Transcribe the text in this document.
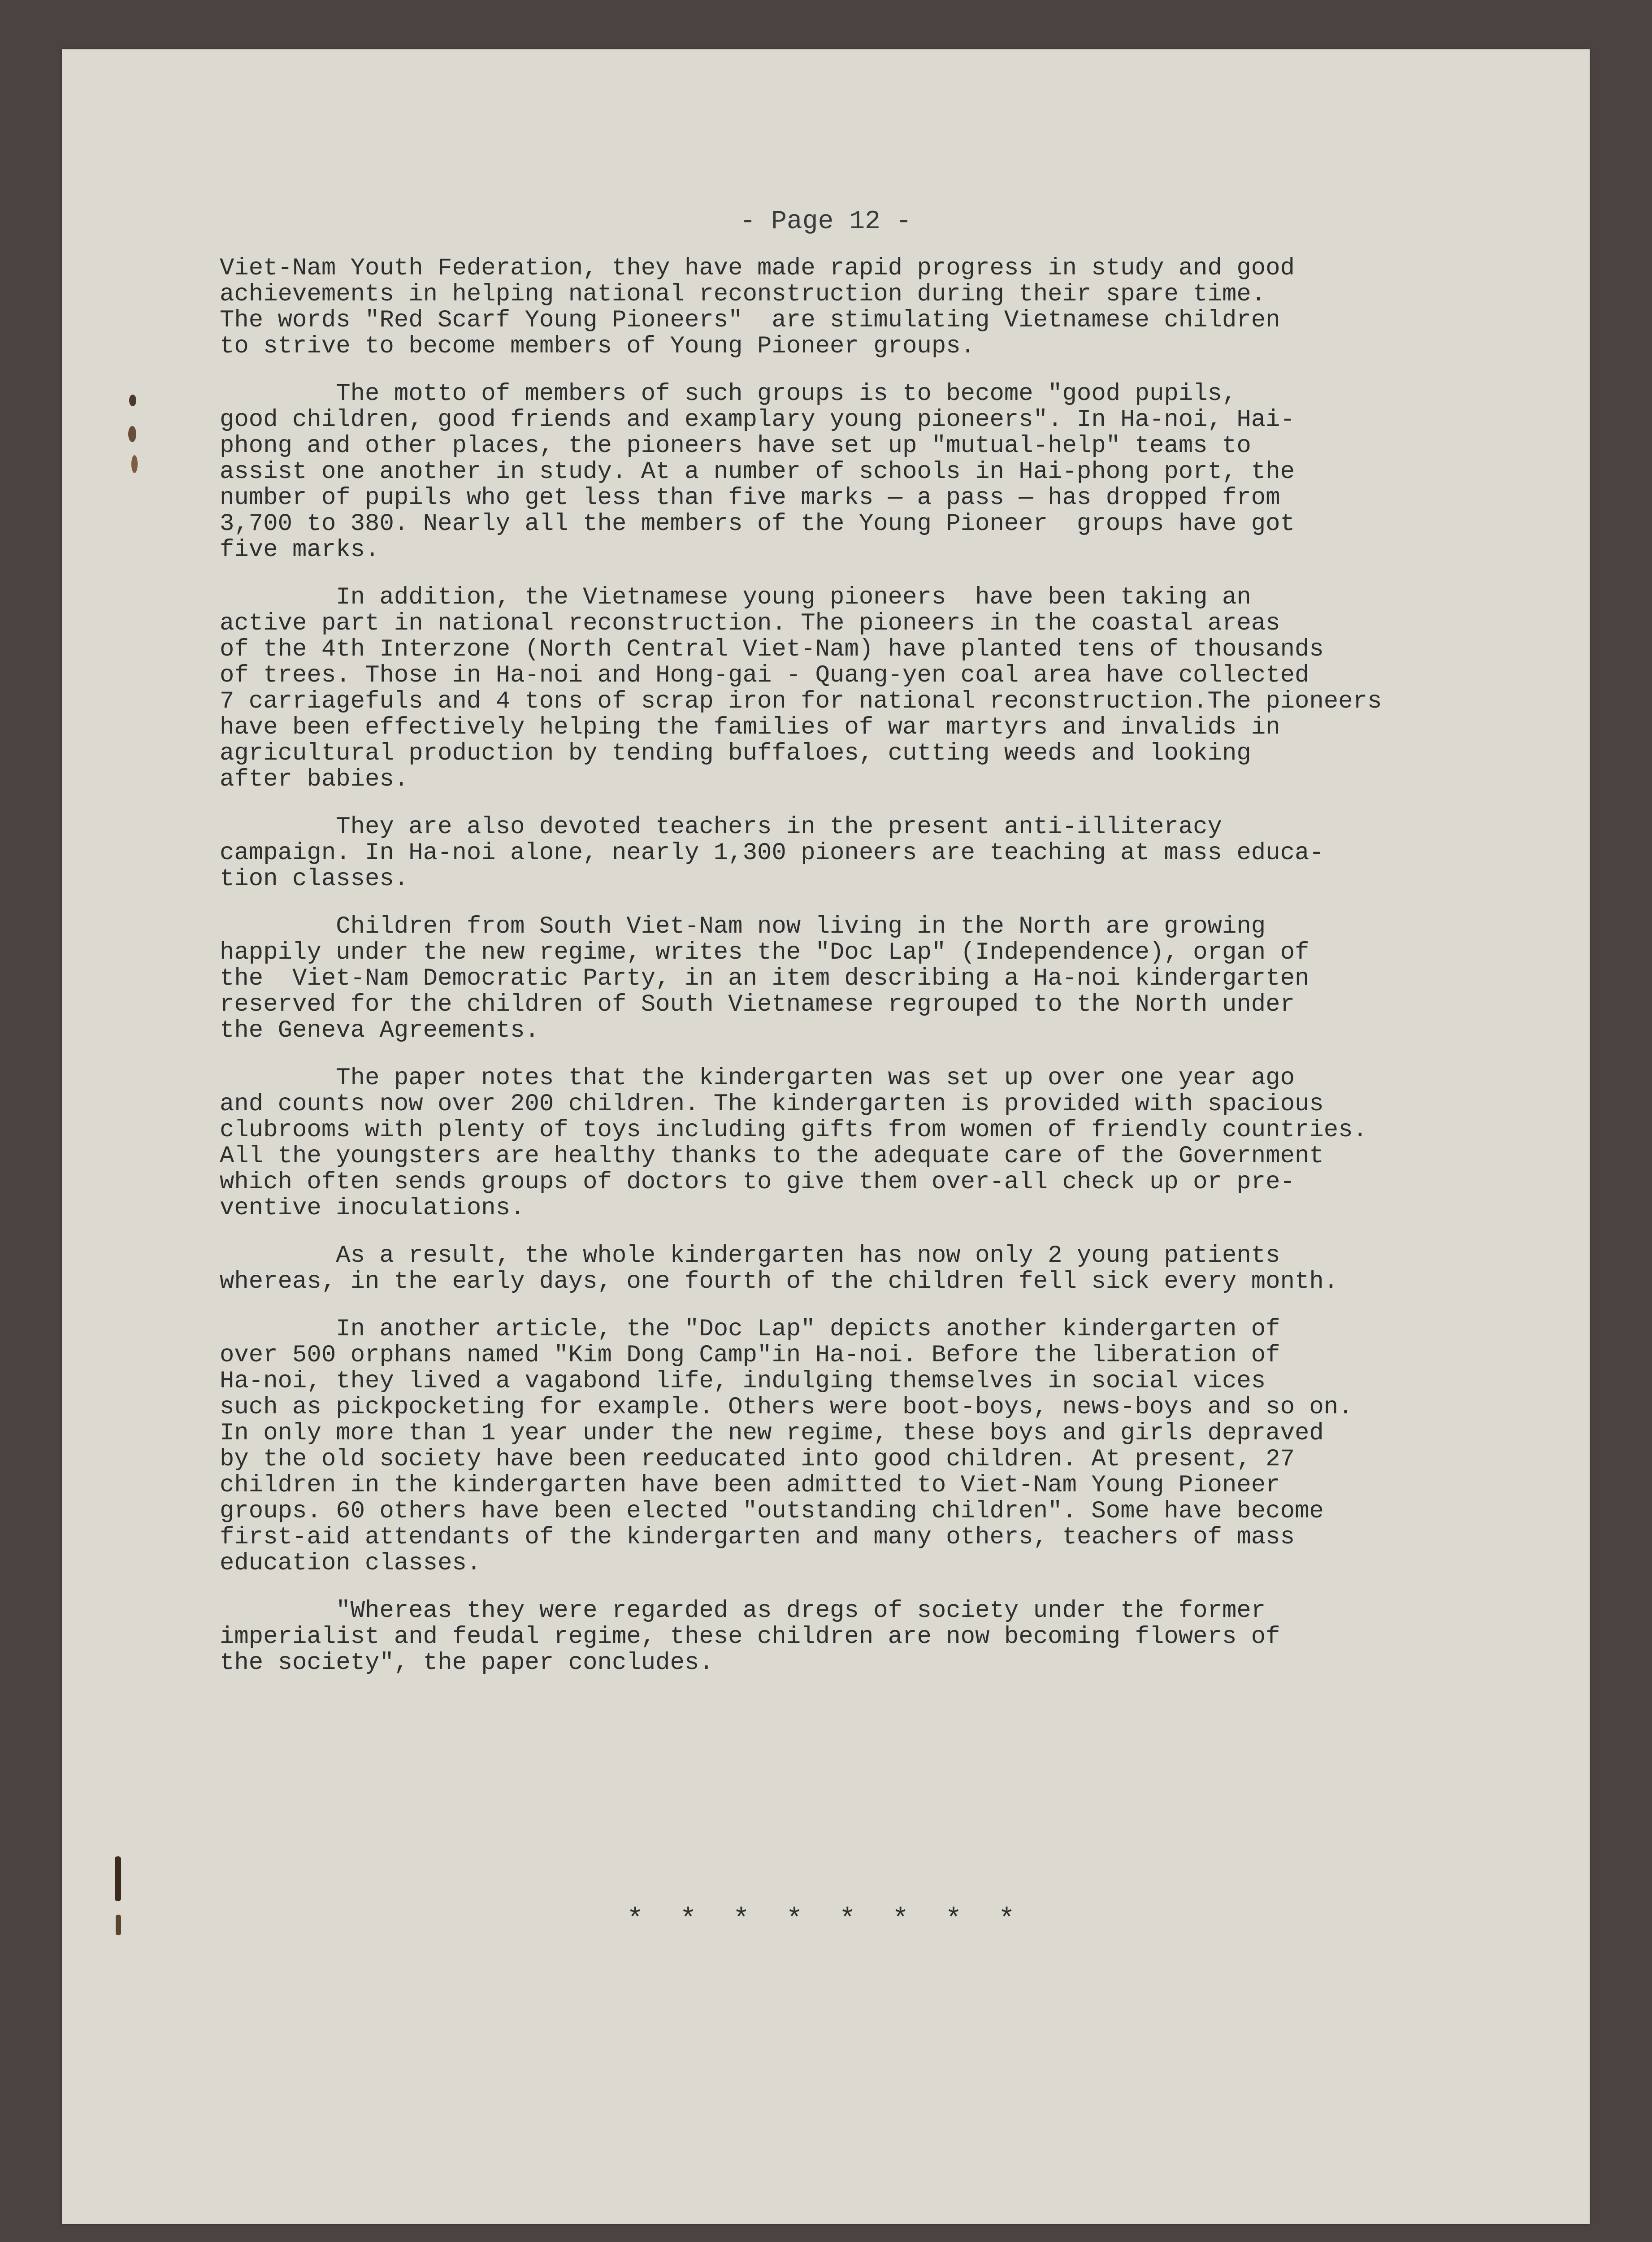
- Page 12 -
Viet-Nam Youth Federation, they have made rapid progress in study and good
achievements in helping national reconstruction during their spare time.
The words "Red Scarf Young Pioneers"  are stimulating Vietnamese children
to strive to become members of Young Pioneer groups.
The motto of members of such groups is to become "good pupils,
good children, good friends and examplary young pioneers". In Ha-noi, Hai-
phong and other places, the pioneers have set up "mutual-help" teams to
assist one another in study. At a number of schools in Hai-phong port, the
number of pupils who get less than five marks — a pass — has dropped from
3,700 to 380. Nearly all the members of the Young Pioneer  groups have got
five marks.
In addition, the Vietnamese young pioneers  have been taking an
active part in national reconstruction. The pioneers in the coastal areas
of the 4th Interzone (North Central Viet-Nam) have planted tens of thousands
of trees. Those in Ha-noi and Hong-gai - Quang-yen coal area have collected
7 carriagefuls and 4 tons of scrap iron for national reconstruction.The pioneers
have been effectively helping the families of war martyrs and invalids in
agricultural production by tending buffaloes, cutting weeds and looking
after babies.
They are also devoted teachers in the present anti-illiteracy
campaign. In Ha-noi alone, nearly 1,300 pioneers are teaching at mass educa-
tion classes.
Children from South Viet-Nam now living in the North are growing
happily under the new regime, writes the "Doc Lap" (Independence), organ of
the  Viet-Nam Democratic Party, in an item describing a Ha-noi kindergarten
reserved for the children of South Vietnamese regrouped to the North under
the Geneva Agreements.
The paper notes that the kindergarten was set up over one year ago
and counts now over 200 children. The kindergarten is provided with spacious
clubrooms with plenty of toys including gifts from women of friendly countries.
All the youngsters are healthy thanks to the adequate care of the Government
which often sends groups of doctors to give them over-all check up or pre-
ventive inoculations.
As a result, the whole kindergarten has now only 2 young patients
whereas, in the early days, one fourth of the children fell sick every month.
In another article, the "Doc Lap" depicts another kindergarten of
over 500 orphans named "Kim Dong Camp"in Ha-noi. Before the liberation of
Ha-noi, they lived a vagabond life, indulging themselves in social vices
such as pickpocketing for example. Others were boot-boys, news-boys and so on.
In only more than 1 year under the new regime, these boys and girls depraved
by the old society have been reeducated into good children. At present, 27
children in the kindergarten have been admitted to Viet-Nam Young Pioneer
groups. 60 others have been elected "outstanding children". Some have become
first-aid attendants of the kindergarten and many others, teachers of mass
education classes.
"Whereas they were regarded as dregs of society under the former
imperialist and feudal regime, these children are now becoming flowers of
the society", the paper concludes.
* * * * * * * *
